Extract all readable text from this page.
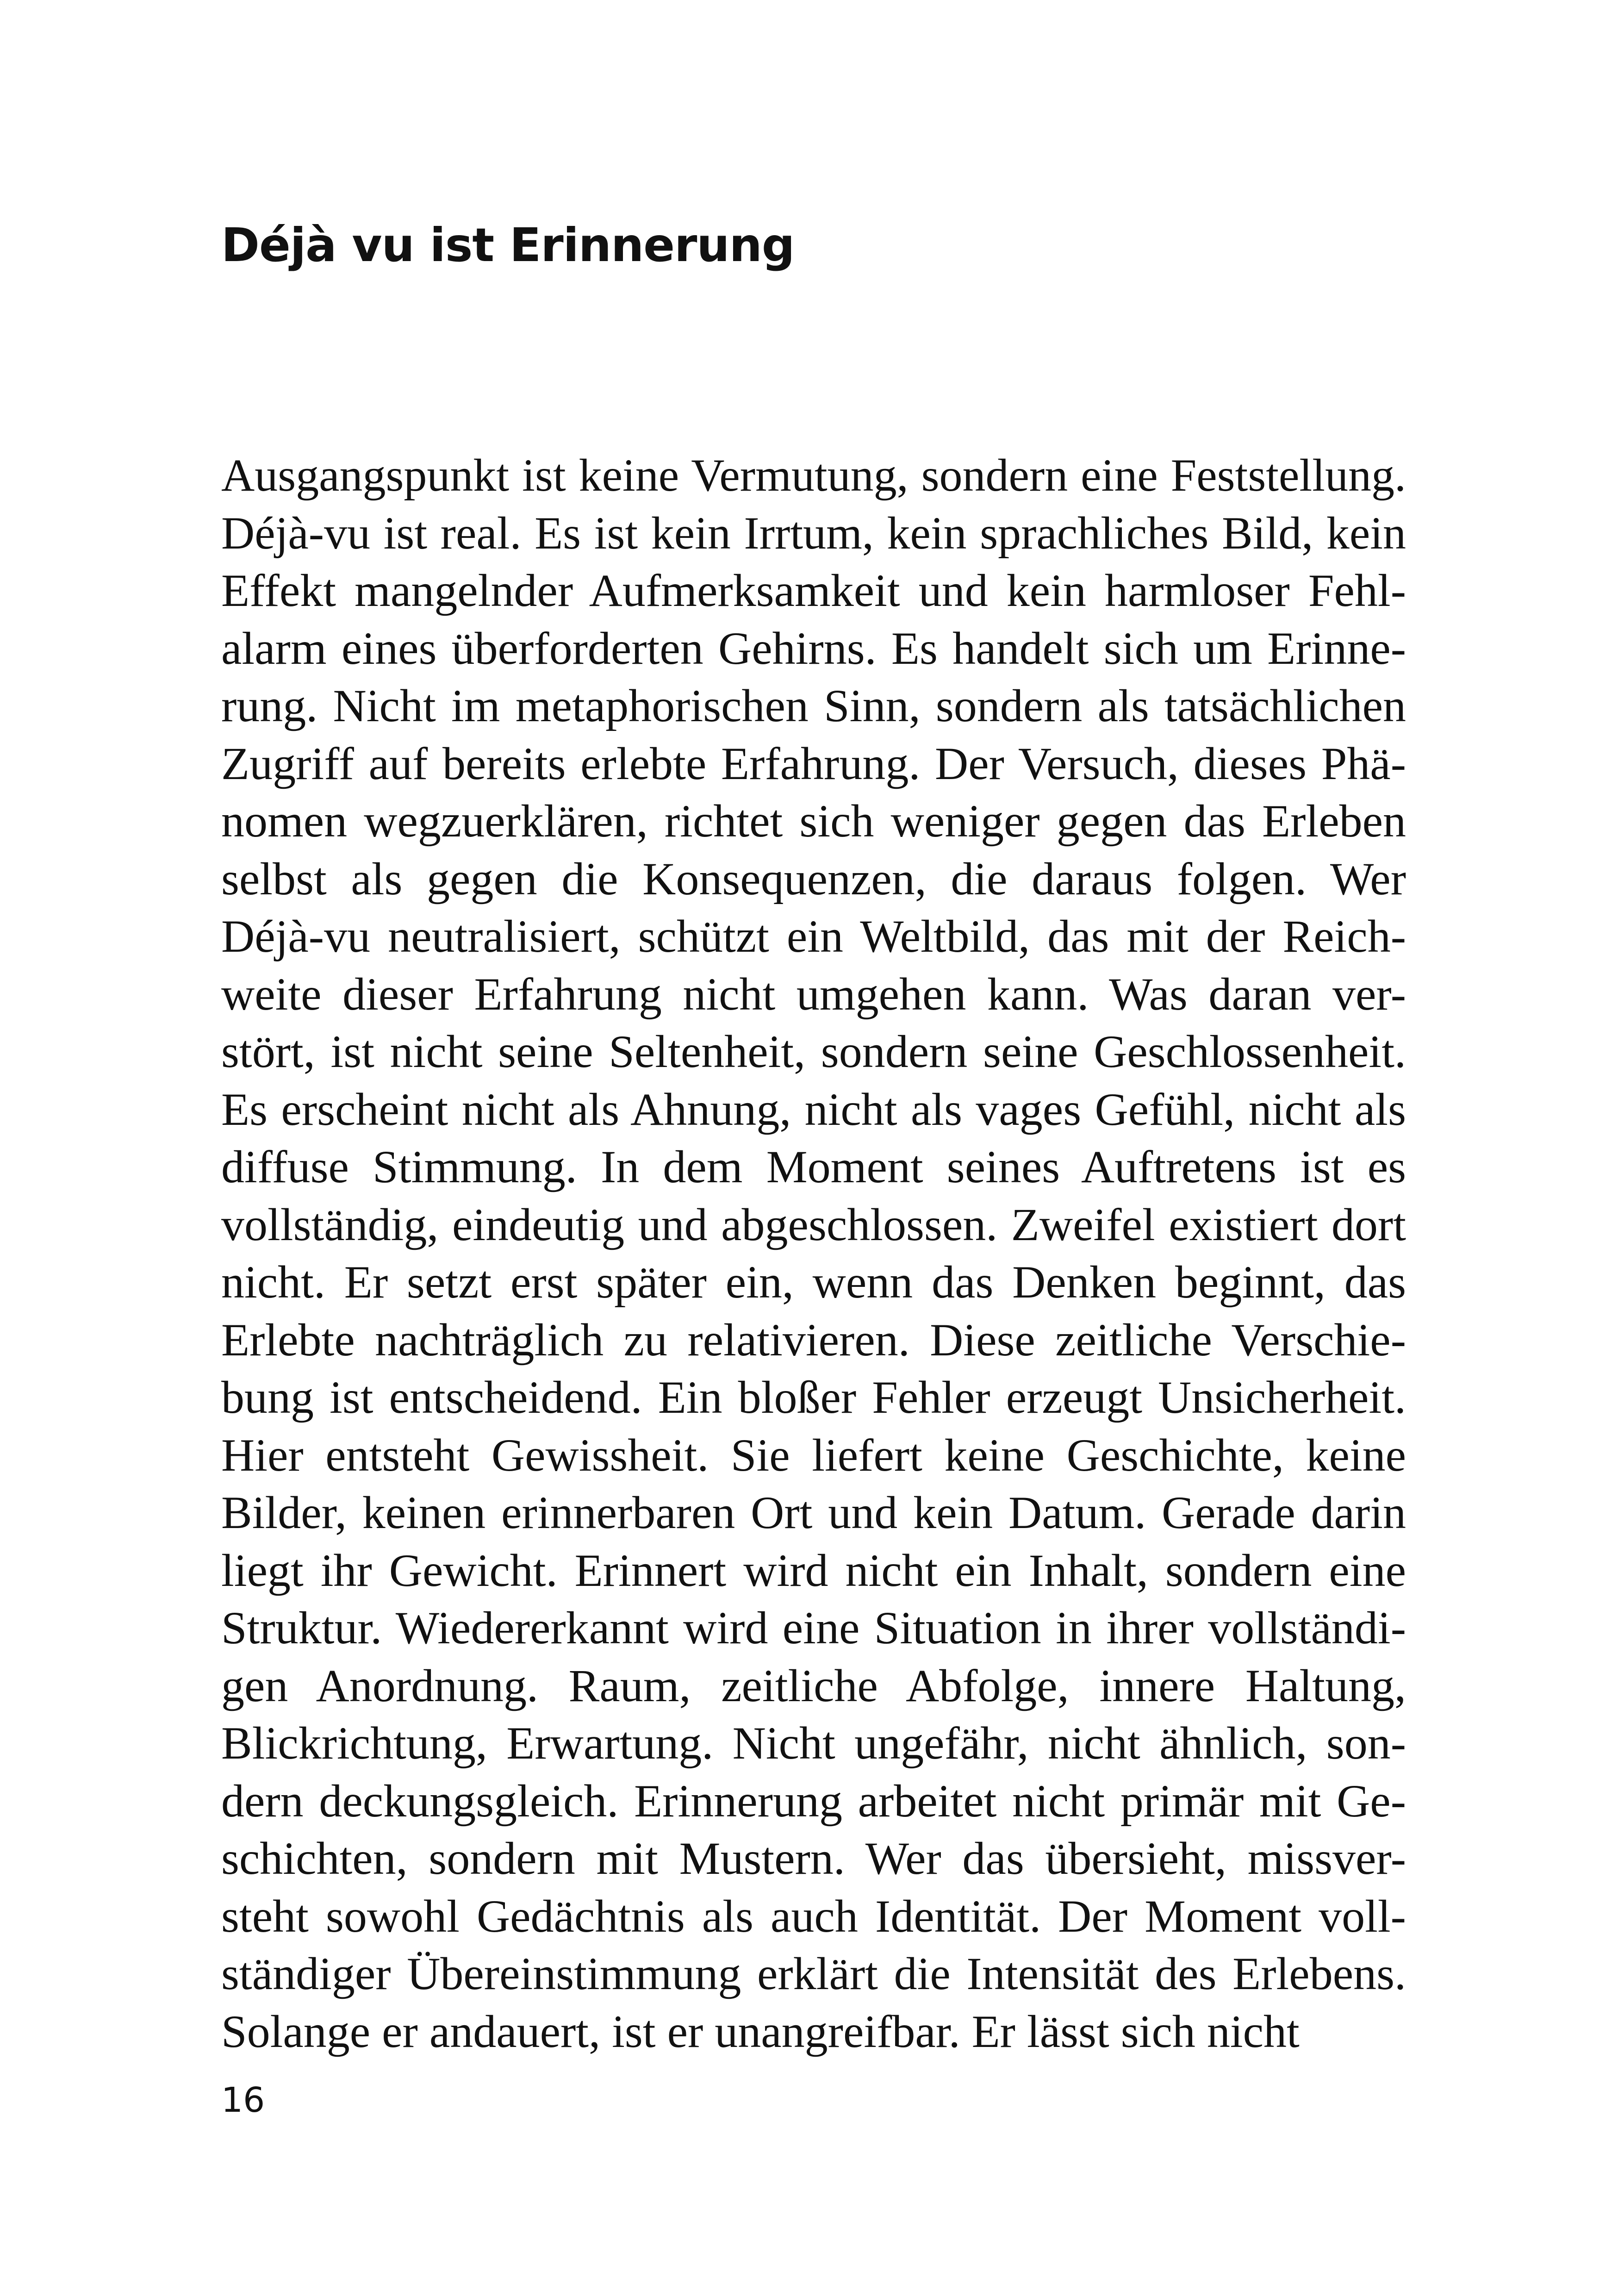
Déjà vu ist Erinnerung
Ausgangspunkt ist keine Vermutung, sondern eine Feststellung.
Déjà-vu ist real. Es ist kein Irrtum, kein sprachliches Bild, kein
Effekt mangelnder Aufmerksamkeit und kein harmloser Fehl-
alarm eines überforderten Gehirns. Es handelt sich um Erinne-
rung. Nicht im metaphorischen Sinn, sondern als tatsächlichen
Zugriff auf bereits erlebte Erfahrung. Der Versuch, dieses Phä-
nomen wegzuerklären, richtet sich weniger gegen das Erleben
selbst als gegen die Konsequenzen, die daraus folgen. Wer
Déjà-vu neutralisiert, schützt ein Weltbild, das mit der Reich-
weite dieser Erfahrung nicht umgehen kann. Was daran ver-
stört, ist nicht seine Seltenheit, sondern seine Geschlossenheit.
Es erscheint nicht als Ahnung, nicht als vages Gefühl, nicht als
diffuse Stimmung. In dem Moment seines Auftretens ist es
vollständig, eindeutig und abgeschlossen. Zweifel existiert dort
nicht. Er setzt erst später ein, wenn das Denken beginnt, das
Erlebte nachträglich zu relativieren. Diese zeitliche Verschie-
bung ist entscheidend. Ein bloßer Fehler erzeugt Unsicherheit.
Hier entsteht Gewissheit. Sie liefert keine Geschichte, keine
Bilder, keinen erinnerbaren Ort und kein Datum. Gerade darin
liegt ihr Gewicht. Erinnert wird nicht ein Inhalt, sondern eine
Struktur. Wiedererkannt wird eine Situation in ihrer vollständi-
gen Anordnung. Raum, zeitliche Abfolge, innere Haltung,
Blickrichtung, Erwartung. Nicht ungefähr, nicht ähnlich, son-
dern deckungsgleich. Erinnerung arbeitet nicht primär mit Ge-
schichten, sondern mit Mustern. Wer das übersieht, missver-
steht sowohl Gedächtnis als auch Identität. Der Moment voll-
ständiger Übereinstimmung erklärt die Intensität des Erlebens.
Solange er andauert, ist er unangreifbar. Er lässt sich nicht
16
